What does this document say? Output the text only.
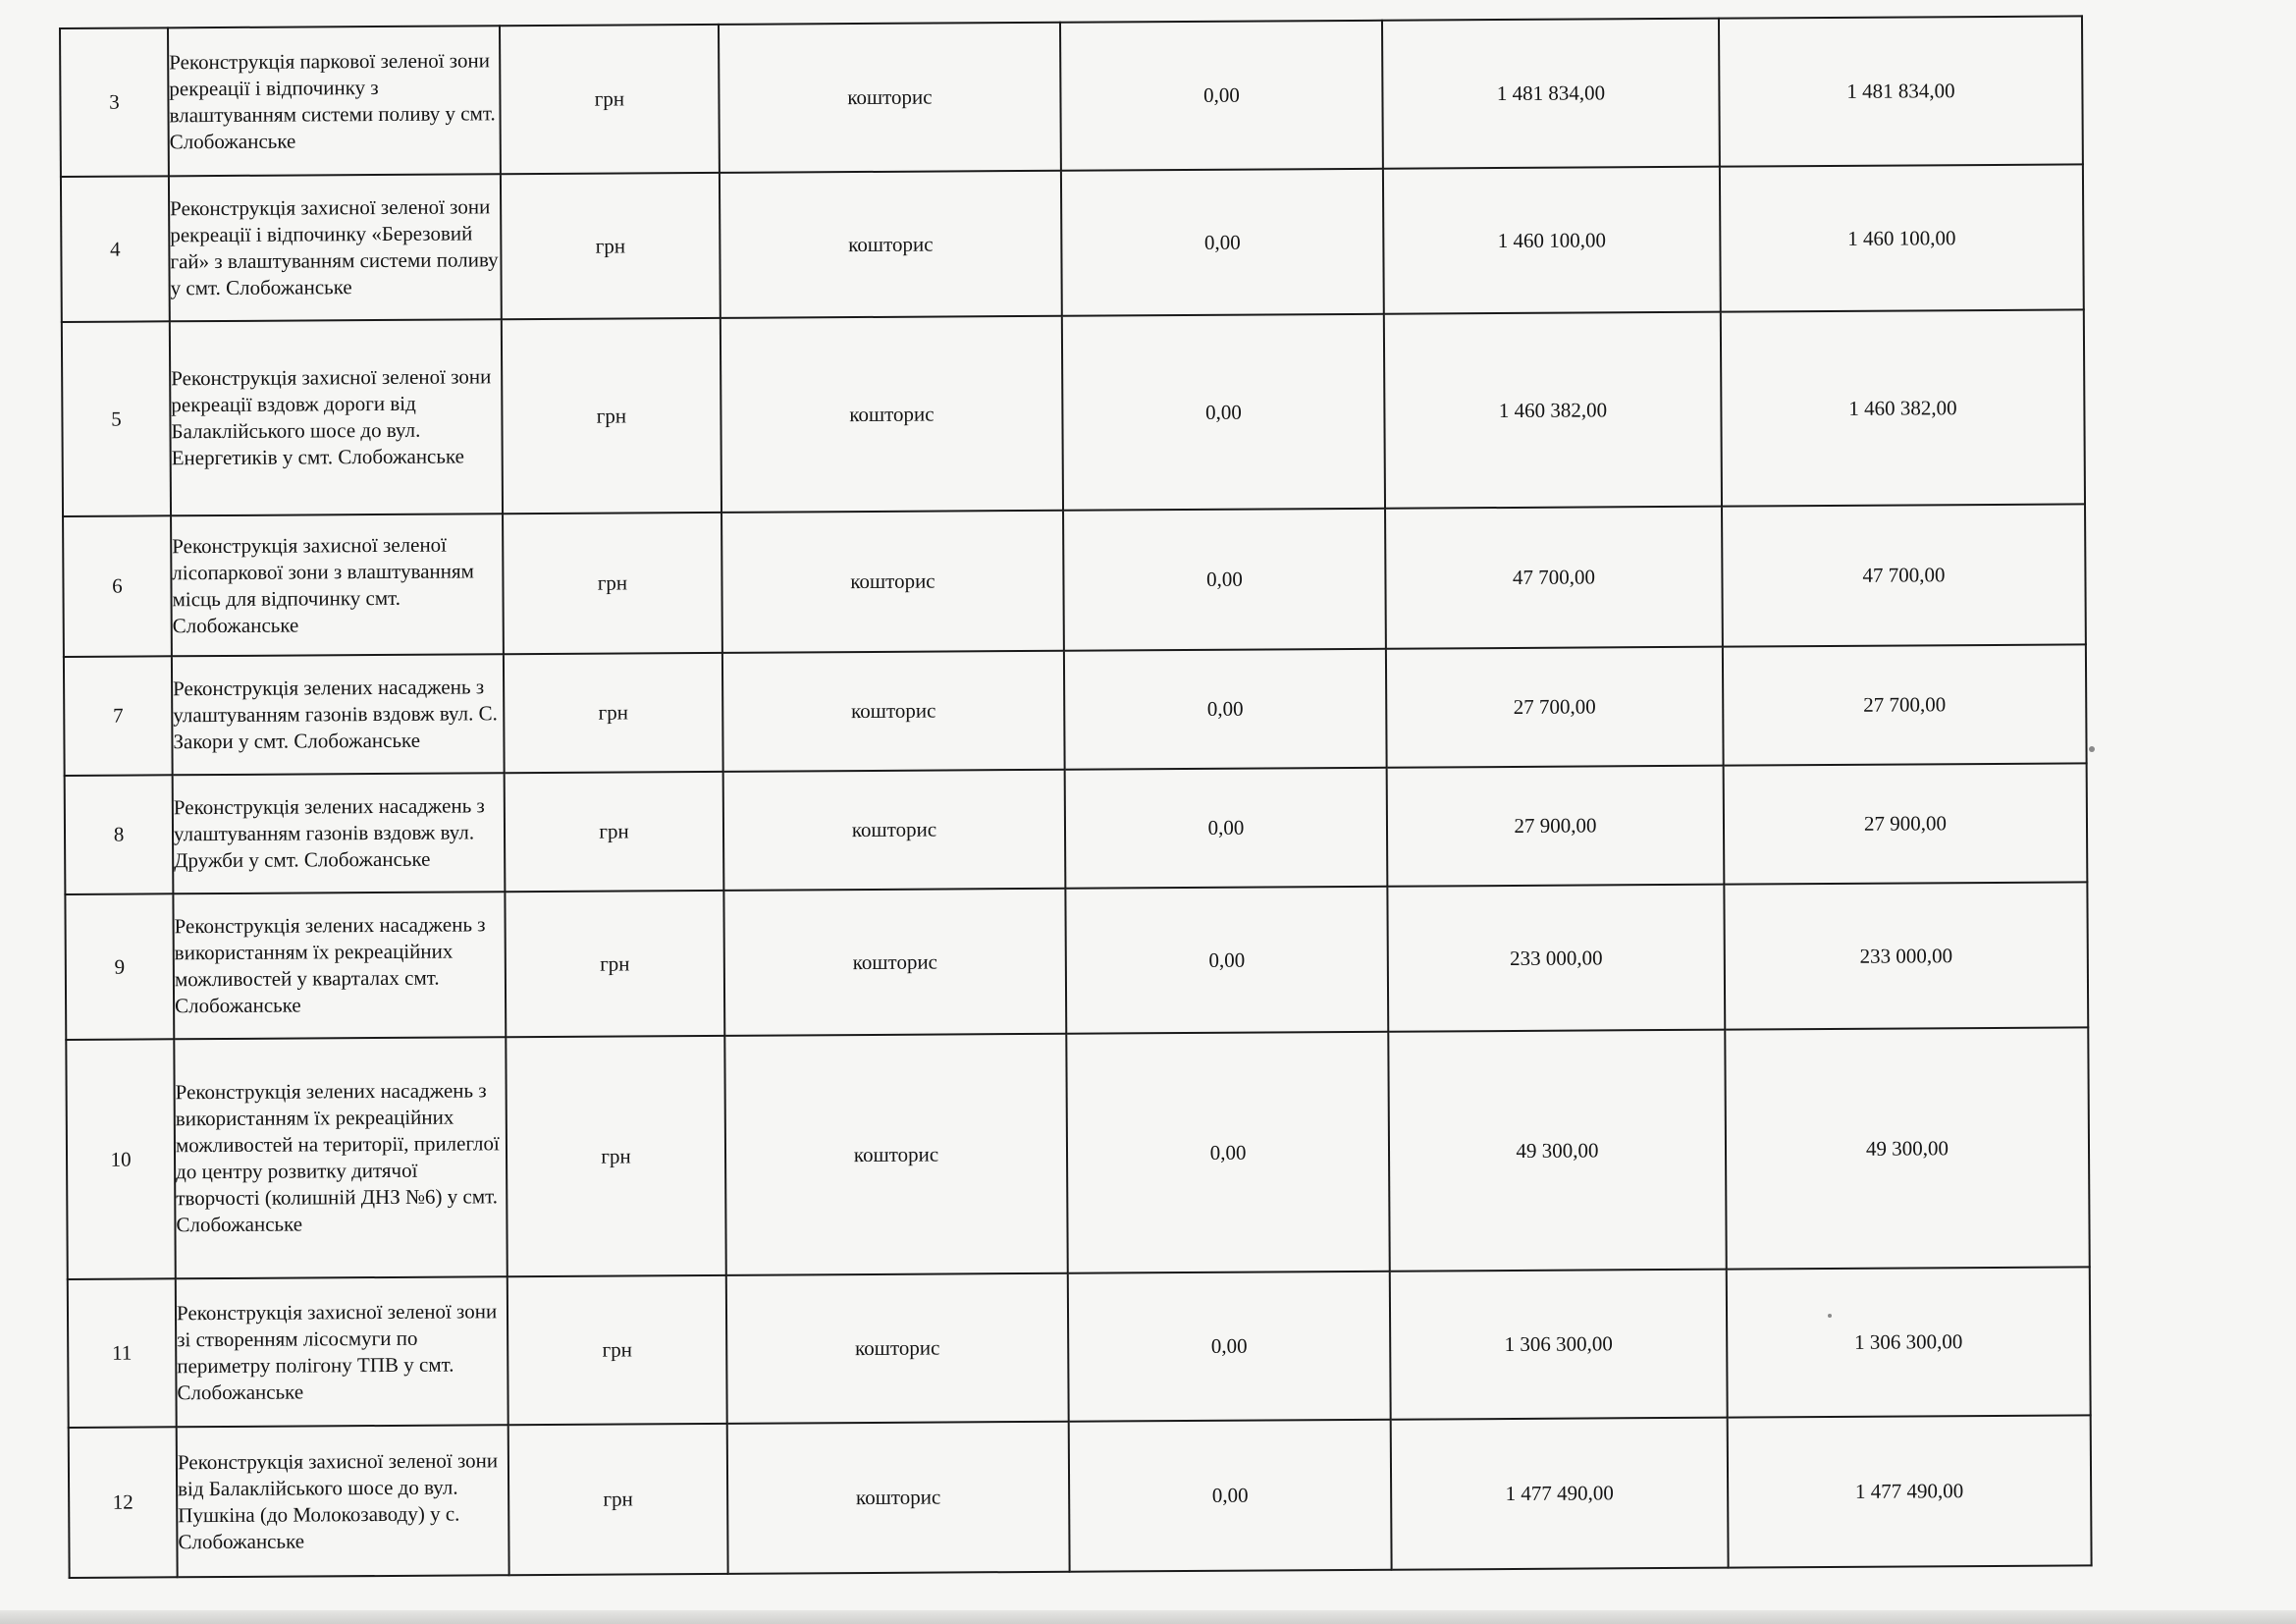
3	Реконструкція паркової зеленої зони рекреації і відпочинку з влаштуванням системи поливу у смт. Слобожанське	грн	кошторис	0,00	1 481 834,00	1 481 834,00
4	Реконструкція захисної зеленої зони рекреації і відпочинку «Березовий гай» з влаштуванням системи поливу у смт. Слобожанське	грн	кошторис	0,00	1 460 100,00	1 460 100,00
5	Реконструкція захисної зеленої зони рекреації вздовж дороги від Балаклійського шосе до вул. Енергетиків у смт. Слобожанське	грн	кошторис	0,00	1 460 382,00	1 460 382,00
6	Реконструкція захисної зеленої лісопаркової зони з влаштуванням місць для відпочинку смт. Слобожанське	грн	кошторис	0,00	47 700,00	47 700,00
7	Реконструкція зелених насаджень з улаштуванням газонів вздовж вул. С. Закори у смт. Слобожанське	грн	кошторис	0,00	27 700,00	27 700,00
8	Реконструкція зелених насаджень з улаштуванням газонів вздовж вул. Дружби у смт. Слобожанське	грн	кошторис	0,00	27 900,00	27 900,00
9	Реконструкція зелених насаджень з використанням їх рекреаційних можливостей у кварталах смт. Слобожанське	грн	кошторис	0,00	233 000,00	233 000,00
10	Реконструкція зелених насаджень з використанням їх рекреаційних можливостей на території, прилеглої до центру розвитку дитячої творчості (колишній ДНЗ №6) у смт. Слобожанське	грн	кошторис	0,00	49 300,00	49 300,00
11	Реконструкція захисної зеленої зони зі створенням лісосмуги по периметру полігону ТПВ у смт. Слобожанське	грн	кошторис	0,00	1 306 300,00	1 306 300,00
12	Реконструкція захисної зеленої зони від Балаклійського шосе до вул. Пушкіна (до Молокозаводу) у с. Слобожанське	грн	кошторис	0,00	1 477 490,00	1 477 490,00
